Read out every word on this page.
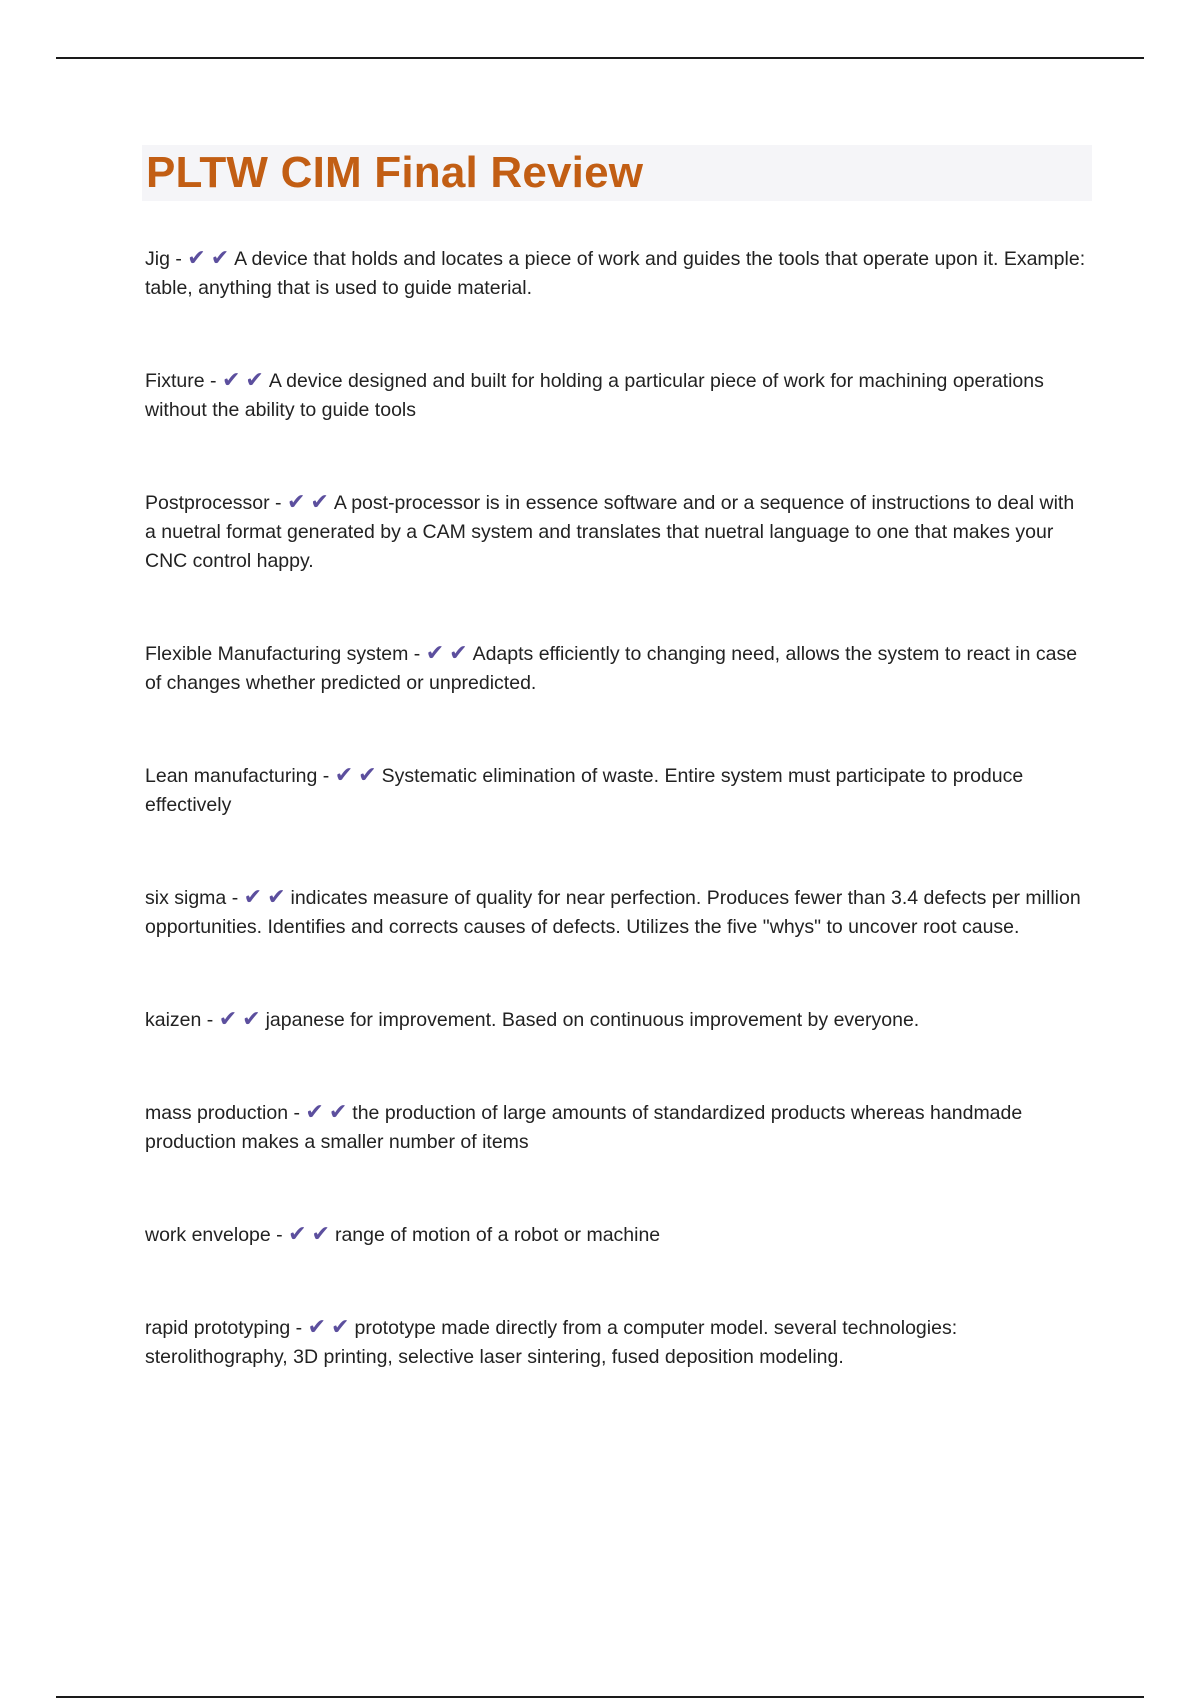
PLTW CIM Final Review

Jig - ✔ ✔ A device that holds and locates a piece of work and guides the tools that operate upon it. Example: table, anything that is used to guide material.

Fixture - ✔ ✔ A device designed and built for holding a particular piece of work for machining operations without the ability to guide tools

Postprocessor - ✔ ✔ A post-processor is in essence software and or a sequence of instructions to deal with a nuetral format generated by a CAM system and translates that nuetral language to one that makes your CNC control happy.

Flexible Manufacturing system - ✔ ✔ Adapts efficiently to changing need, allows the system to react in case of changes whether predicted or unpredicted.

Lean manufacturing - ✔ ✔ Systematic elimination of waste. Entire system must participate to produce effectively

six sigma - ✔ ✔ indicates measure of quality for near perfection. Produces fewer than 3.4 defects per million opportunities. Identifies and corrects causes of defects. Utilizes the five "whys" to uncover root cause.

kaizen - ✔ ✔ japanese for improvement. Based on continuous improvement by everyone.

mass production - ✔ ✔ the production of large amounts of standardized products whereas handmade production makes a smaller number of items

work envelope - ✔ ✔ range of motion of a robot or machine

rapid prototyping - ✔ ✔ prototype made directly from a computer model. several technologies: sterolithography, 3D printing, selective laser sintering, fused deposition modeling.
